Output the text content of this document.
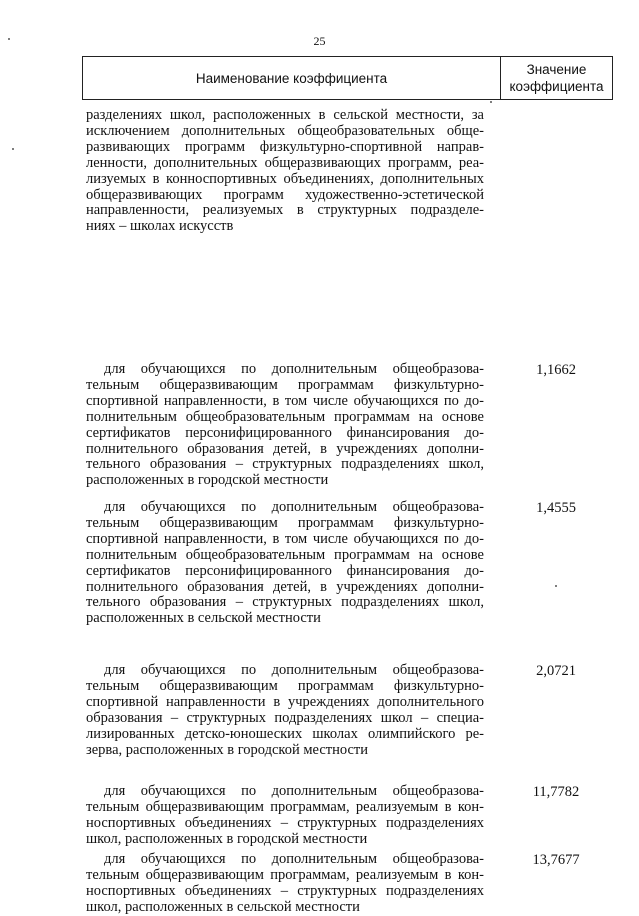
25
Наименование коэффициента	Значение
коэффициента
разделениях школ, расположенных в сельской местности, за
исключением дополнительных общеобразовательных обще-
развивающих программ физкультурно-спортивной направ-
ленности, дополнительных общеразвивающих программ, реа-
лизуемых в конноспортивных объединениях, дополнительных
общеразвивающих программ художественно-эстетической
направленности, реализуемых в структурных подразделе-
ниях – школах искусств
для обучающихся по дополнительным общеобразова-
тельным общеразвивающим программам физкультурно-
спортивной направленности, в том числе обучающихся по до-
полнительным общеобразовательным программам на основе
сертификатов персонифицированного финансирования до-
полнительного образования детей, в учреждениях дополни-
тельного образования – структурных подразделениях школ,
расположенных в городской местности
1,1662
для обучающихся по дополнительным общеобразова-
тельным общеразвивающим программам физкультурно-
спортивной направленности, в том числе обучающихся по до-
полнительным общеобразовательным программам на основе
сертификатов персонифицированного финансирования до-
полнительного образования детей, в учреждениях дополни-
тельного образования – структурных подразделениях школ,
расположенных в сельской местности
1,4555
для обучающихся по дополнительным общеобразова-
тельным общеразвивающим программам физкультурно-
спортивной направленности в учреждениях дополнительного
образования – структурных подразделениях школ – специа-
лизированных детско-юношеских школах олимпийского ре-
зерва, расположенных в городской местности
2,0721
для обучающихся по дополнительным общеобразова-
тельным общеразвивающим программам, реализуемым в кон-
носпортивных объединениях – структурных подразделениях
школ, расположенных в городской местности
11,7782
для обучающихся по дополнительным общеобразова-
тельным общеразвивающим программам, реализуемым в кон-
носпортивных объединениях – структурных подразделениях
школ, расположенных в сельской местности
13,7677
